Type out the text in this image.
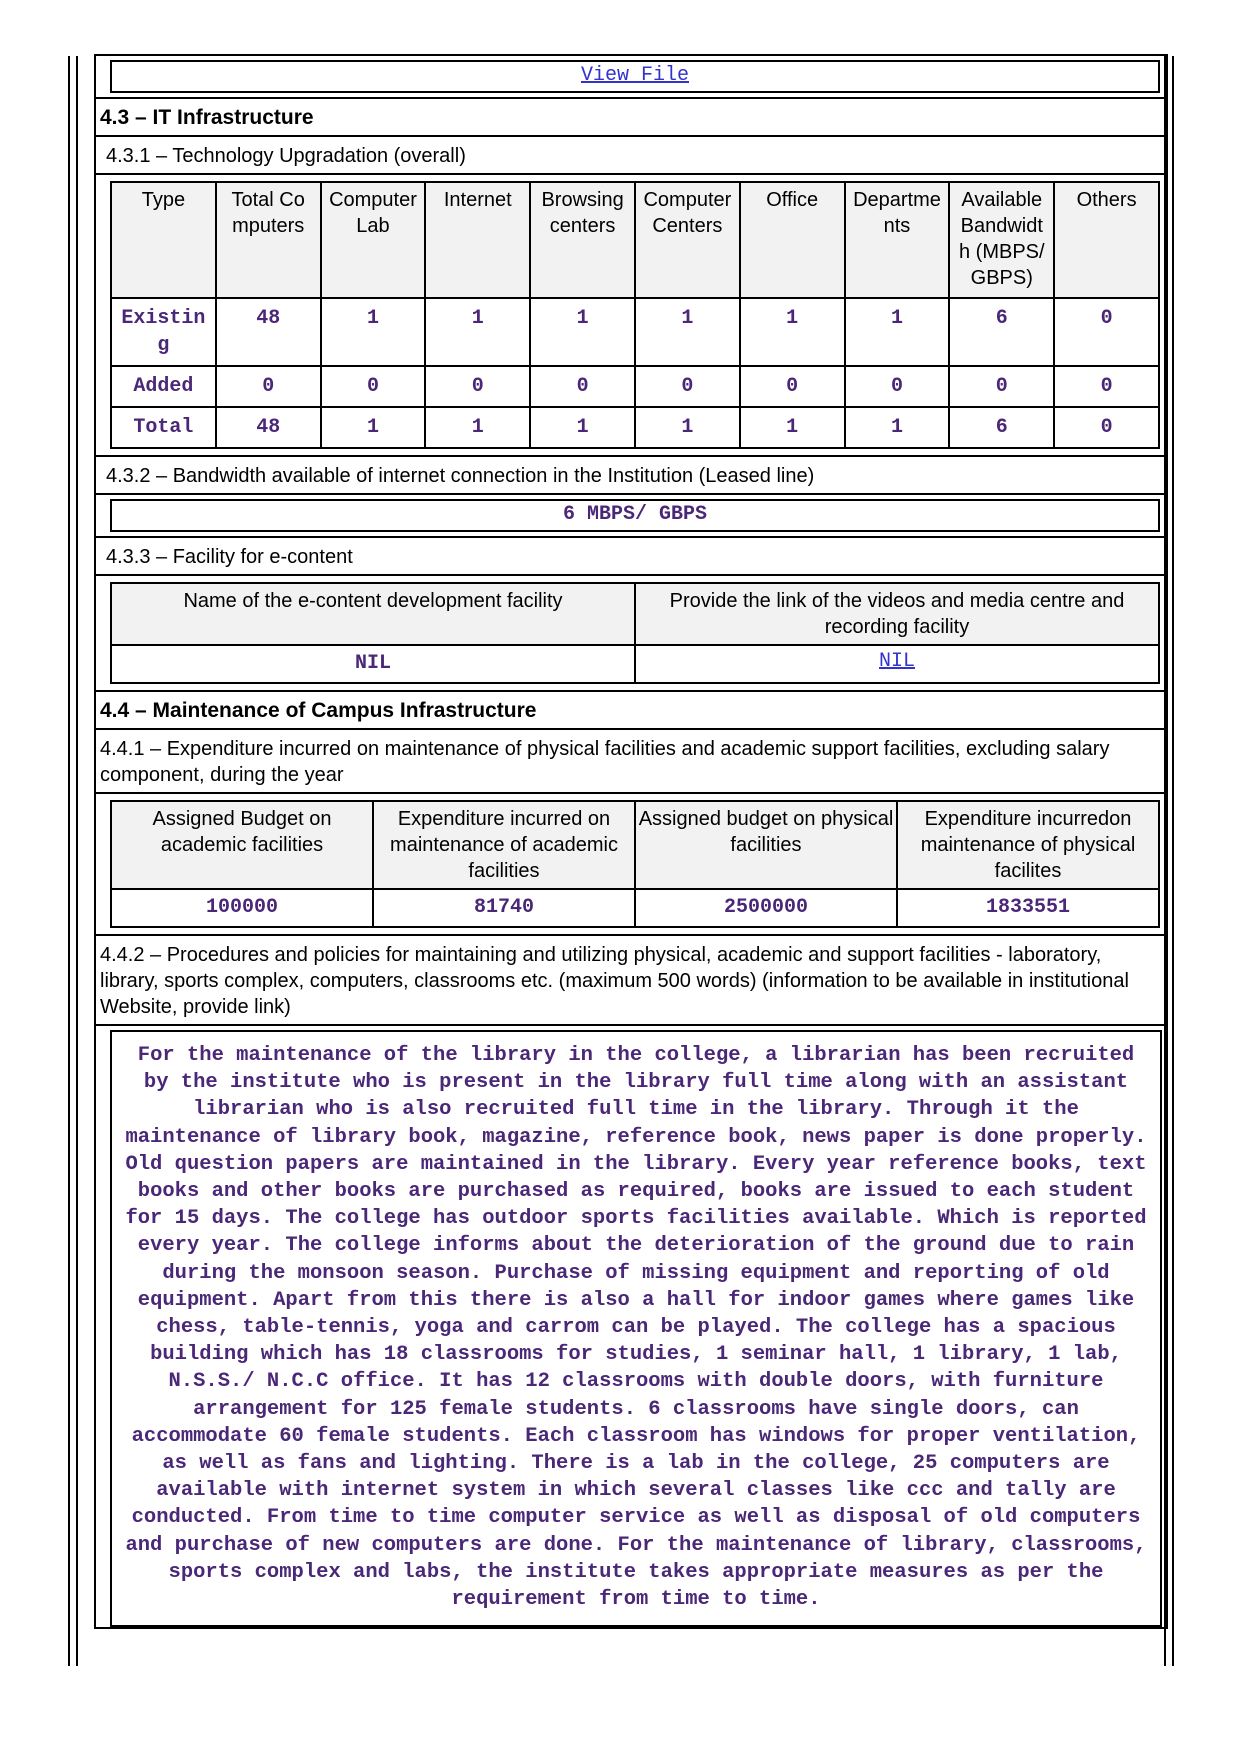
View File
4.3 – IT Infrastructure
4.3.1 – Technology Upgradation (overall)
Type	Total Co mputers	Computer Lab	Internet	Browsing centers	Computer Centers	Office	Departme nts	Available Bandwidt h (MBPS/ GBPS)	Others
Existin g	48	1	1	1	1	1	1	6	0
Added	0	0	0	0	0	0	0	0	0
Total	48	1	1	1	1	1	1	6	0
4.3.2 – Bandwidth available of internet connection in the Institution (Leased line)
6 MBPS/ GBPS
4.3.3 – Facility for e-content
Name of the e-content development facility	Provide the link of the videos and media centre and recording facility
NIL	NIL
4.4 – Maintenance of Campus Infrastructure
4.4.1 – Expenditure incurred on maintenance of physical facilities and academic support facilities, excluding salary component, during the year
Assigned Budget on academic facilities	Expenditure incurred on maintenance of academic facilities	Assigned budget on physical facilities	Expenditure incurredon maintenance of physical facilites
100000	81740	2500000	1833551
4.4.2 – Procedures and policies for maintaining and utilizing physical, academic and support facilities - laboratory, library, sports complex, computers, classrooms etc. (maximum 500 words) (information to be available in institutional Website, provide link)
For the maintenance of the library in the college, a librarian has been recruited by the institute who is present in the library full time along with an assistant librarian who is also recruited full time in the library. Through it the maintenance of library book, magazine, reference book, news paper is done properly. Old question papers are maintained in the library. Every year reference books, text books and other books are purchased as required, books are issued to each student for 15 days. The college has outdoor sports facilities available. Which is reported every year. The college informs about the deterioration of the ground due to rain during the monsoon season. Purchase of missing equipment and reporting of old equipment. Apart from this there is also a hall for indoor games where games like chess, table-tennis, yoga and carrom can be played. The college has a spacious building which has 18 classrooms for studies, 1 seminar hall, 1 library, 1 lab, N.S.S./ N.C.C office. It has 12 classrooms with double doors, with furniture arrangement for 125 female students. 6 classrooms have single doors, can accommodate 60 female students. Each classroom has windows for proper ventilation, as well as fans and lighting. There is a lab in the college, 25 computers are available with internet system in which several classes like ccc and tally are conducted. From time to time computer service as well as disposal of old computers and purchase of new computers are done. For the maintenance of library, classrooms, sports complex and labs, the institute takes appropriate measures as per the requirement from time to time.
